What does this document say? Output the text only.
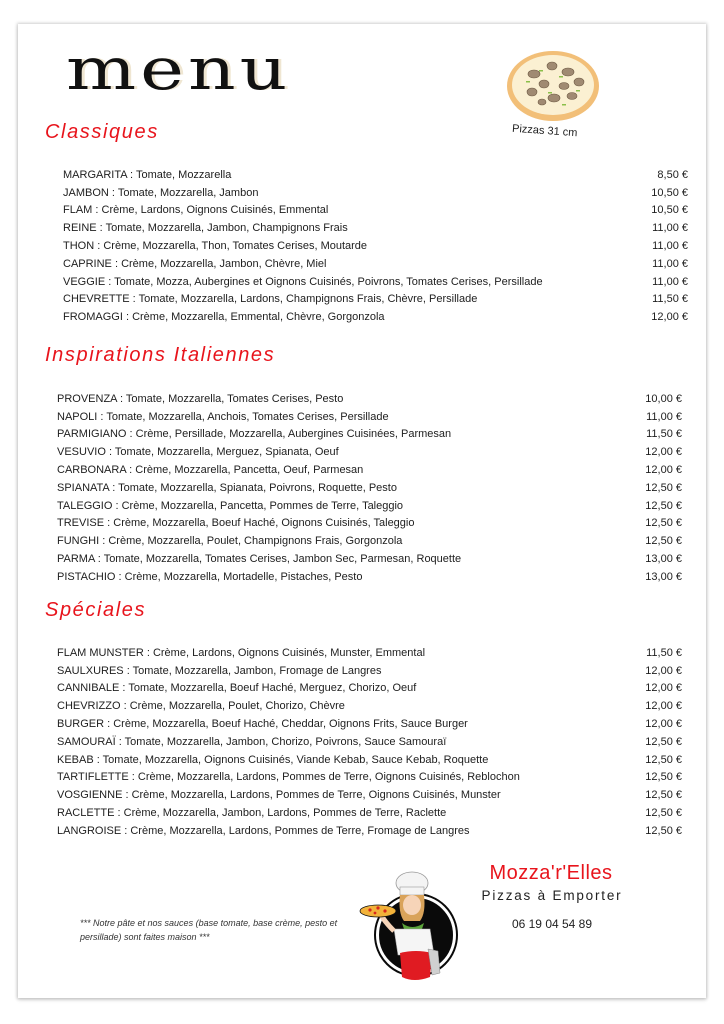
menu
Pizzas 31 cm
Classiques
MARGARITA : Tomate, Mozzarella	8,50 €
JAMBON : Tomate, Mozzarella, Jambon	10,50 €
FLAM : Crème, Lardons, Oignons Cuisinés, Emmental	10,50 €
REINE : Tomate, Mozzarella, Jambon, Champignons Frais	11,00 €
THON : Crème, Mozzarella, Thon, Tomates Cerises, Moutarde	11,00 €
CAPRINE : Crème, Mozzarella, Jambon, Chèvre, Miel	11,00 €
VEGGIE : Tomate, Mozza, Aubergines et Oignons Cuisinés, Poivrons, Tomates Cerises, Persillade	11,00 €
CHEVRETTE : Tomate, Mozzarella, Lardons, Champignons Frais, Chèvre, Persillade	11,50 €
FROMAGGI : Crème, Mozzarella, Emmental, Chèvre, Gorgonzola	12,00 €
Inspirations Italiennes
PROVENZA : Tomate, Mozzarella, Tomates Cerises, Pesto	10,00 €
NAPOLI : Tomate, Mozzarella, Anchois, Tomates Cerises, Persillade	11,00 €
PARMIGIANO : Crème, Persillade, Mozzarella, Aubergines Cuisinées, Parmesan	11,50 €
VESUVIO : Tomate, Mozzarella, Merguez, Spianata, Oeuf	12,00 €
CARBONARA : Crème, Mozzarella, Pancetta, Oeuf, Parmesan	12,00 €
SPIANATA : Tomate, Mozzarella, Spianata, Poivrons, Roquette, Pesto	12,50 €
TALEGGIO : Crème, Mozzarella, Pancetta, Pommes de Terre, Taleggio	12,50 €
TREVISE : Crème, Mozzarella, Boeuf Haché, Oignons Cuisinés, Taleggio	12,50 €
FUNGHI : Crème, Mozzarella, Poulet, Champignons Frais, Gorgonzola	12,50 €
PARMA : Tomate, Mozzarella, Tomates Cerises, Jambon Sec, Parmesan, Roquette	13,00 €
PISTACHIO : Crème, Mozzarella, Mortadelle, Pistaches, Pesto	13,00 €
Spéciales
FLAM MUNSTER : Crème, Lardons, Oignons Cuisinés, Munster, Emmental	11,50 €
SAULXURES : Tomate, Mozzarella, Jambon, Fromage de Langres	12,00 €
CANNIBALE : Tomate, Mozzarella, Boeuf Haché, Merguez, Chorizo, Oeuf	12,00 €
CHEVRIZZO : Crème, Mozzarella, Poulet, Chorizo, Chèvre	12,00 €
BURGER : Crème, Mozzarella, Boeuf Haché, Cheddar, Oignons Frits, Sauce Burger	12,00 €
SAMOURAÏ : Tomate, Mozzarella, Jambon, Chorizo, Poivrons, Sauce Samouraï	12,50 €
KEBAB : Tomate, Mozzarella, Oignons Cuisinés, Viande Kebab, Sauce Kebab, Roquette	12,50 €
TARTIFLETTE : Crème, Mozzarella, Lardons, Pommes de Terre, Oignons Cuisinés, Reblochon	12,50 €
VOSGIENNE : Crème, Mozzarella, Lardons, Pommes de Terre, Oignons Cuisinés, Munster	12,50 €
RACLETTE : Crème, Mozzarella, Jambon, Lardons, Pommes de Terre, Raclette	12,50 €
LANGROISE : Crème, Mozzarella, Lardons, Pommes de Terre, Fromage de Langres	12,50 €
*** Notre pâte et nos sauces (base tomate, base crème, pesto et persillade) sont faites maison ***
Mozza'r'Elles
Pizzas à Emporter
06 19 04 54 89
